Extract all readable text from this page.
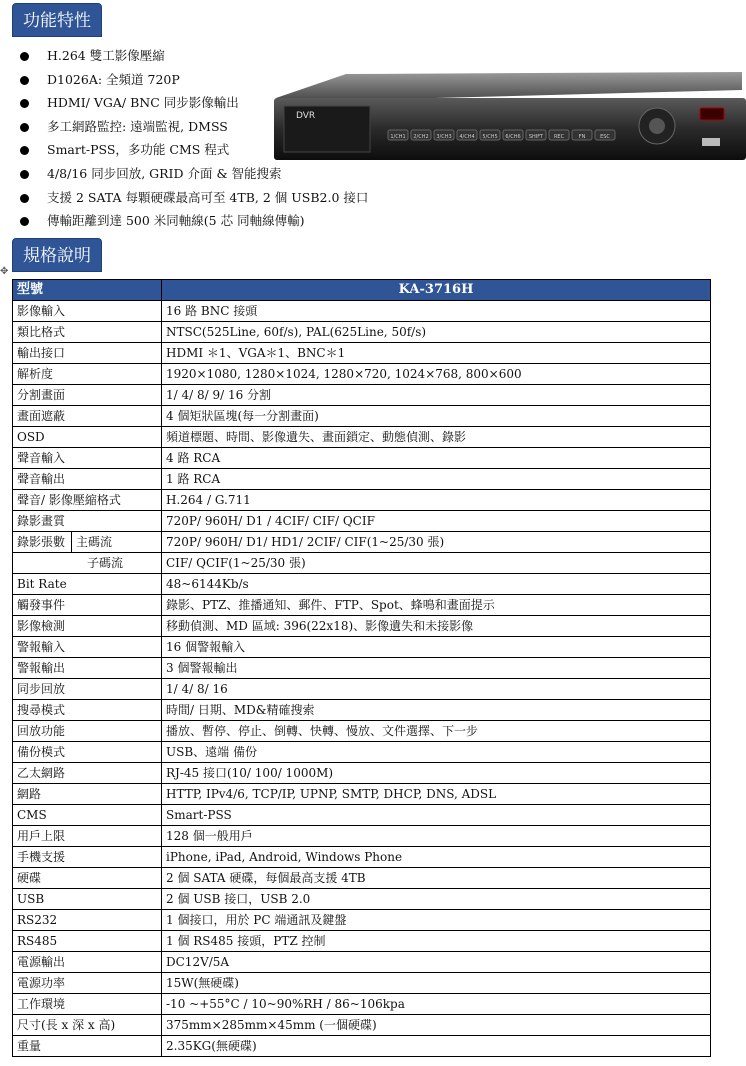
功能特性
H.264 雙工影像壓縮
D1026A: 全頻道 720P
HDMI/ VGA/ BNC 同步影像輸出
多工網路監控: 遠端監視, DMSS
Smart-PSS，多功能 CMS 程式
4/8/16 同步回放, GRID 介面 & 智能搜索
支援 2 SATA 每顆硬碟最高可至 4TB, 2 個 USB2.0 接口
傳輸距離到達 500 米同軸線(5 芯 同軸線傳輸)
DVR
1/CH1 2/CH2 3/CH3 4/CH4 5/CH5 6/CH6 SHIFT REC	FN	ESC
✥
規格說明
型號	KA-3716H
影像輸入	16 路 BNC 接頭
類比格式	NTSC(525Line, 60f/s), PAL(625Line, 50f/s)
輸出接口	HDMI ＊1、VGA＊1、BNC＊1
解析度	1920×1080, 1280×1024, 1280×720, 1024×768, 800×600
分割畫面	1/ 4/ 8/ 9/ 16 分割
畫面遮蔽	4 個矩狀區塊(每一分割畫面)
OSD	頻道標題、時間、影像遺失、畫面鎖定、動態偵測、錄影
聲音輸入	4 路 RCA
聲音輸出	1 路 RCA
聲音/ 影像壓縮格式	H.264 / G.711
錄影畫質	720P/ 960H/ D1 / 4CIF/ CIF/ QCIF
錄影張數 主碼流	720P/ 960H/ D1/ HD1/ 2CIF/ CIF(1~25/30 張)
子碼流	CIF/ QCIF(1~25/30 張)
Bit Rate	48~6144Kb/s
觸發事件	錄影、PTZ、推播通知、郵件、FTP、Spot、蜂鳴和畫面提示
影像檢測	移動偵測、MD 區域: 396(22x18)、影像遺失和未接影像
警報輸入	16 個警報輸入
警報輸出	3 個警報輸出
同步回放	1/ 4/ 8/ 16
搜尋模式	時間/ 日期、MD&精確搜索
回放功能	播放、暫停、停止、倒轉、快轉、慢放、文件選擇、下一步
備份模式	USB、遠端 備份
乙太網路	RJ-45 接口(10/ 100/ 1000M)
網路	HTTP, IPv4/6, TCP/IP, UPNP, SMTP, DHCP, DNS, ADSL
CMS	Smart-PSS
用戶上限	128 個一般用戶
手機支援	iPhone, iPad, Android, Windows Phone
硬碟	2 個 SATA 硬碟，每個最高支援 4TB
USB	2 個 USB 接口，USB 2.0
RS232	1 個接口，用於 PC 端通訊及鍵盤
RS485	1 個 RS485 接頭，PTZ 控制
電源輸出	DC12V/5A
電源功率	15W(無硬碟)
工作環境	-10 ~+55°C / 10~90%RH / 86~106kpa
尺寸(長 x 深 x 高)	375mm×285mm×45mm (一個硬碟)
重量	2.35KG(無硬碟)
